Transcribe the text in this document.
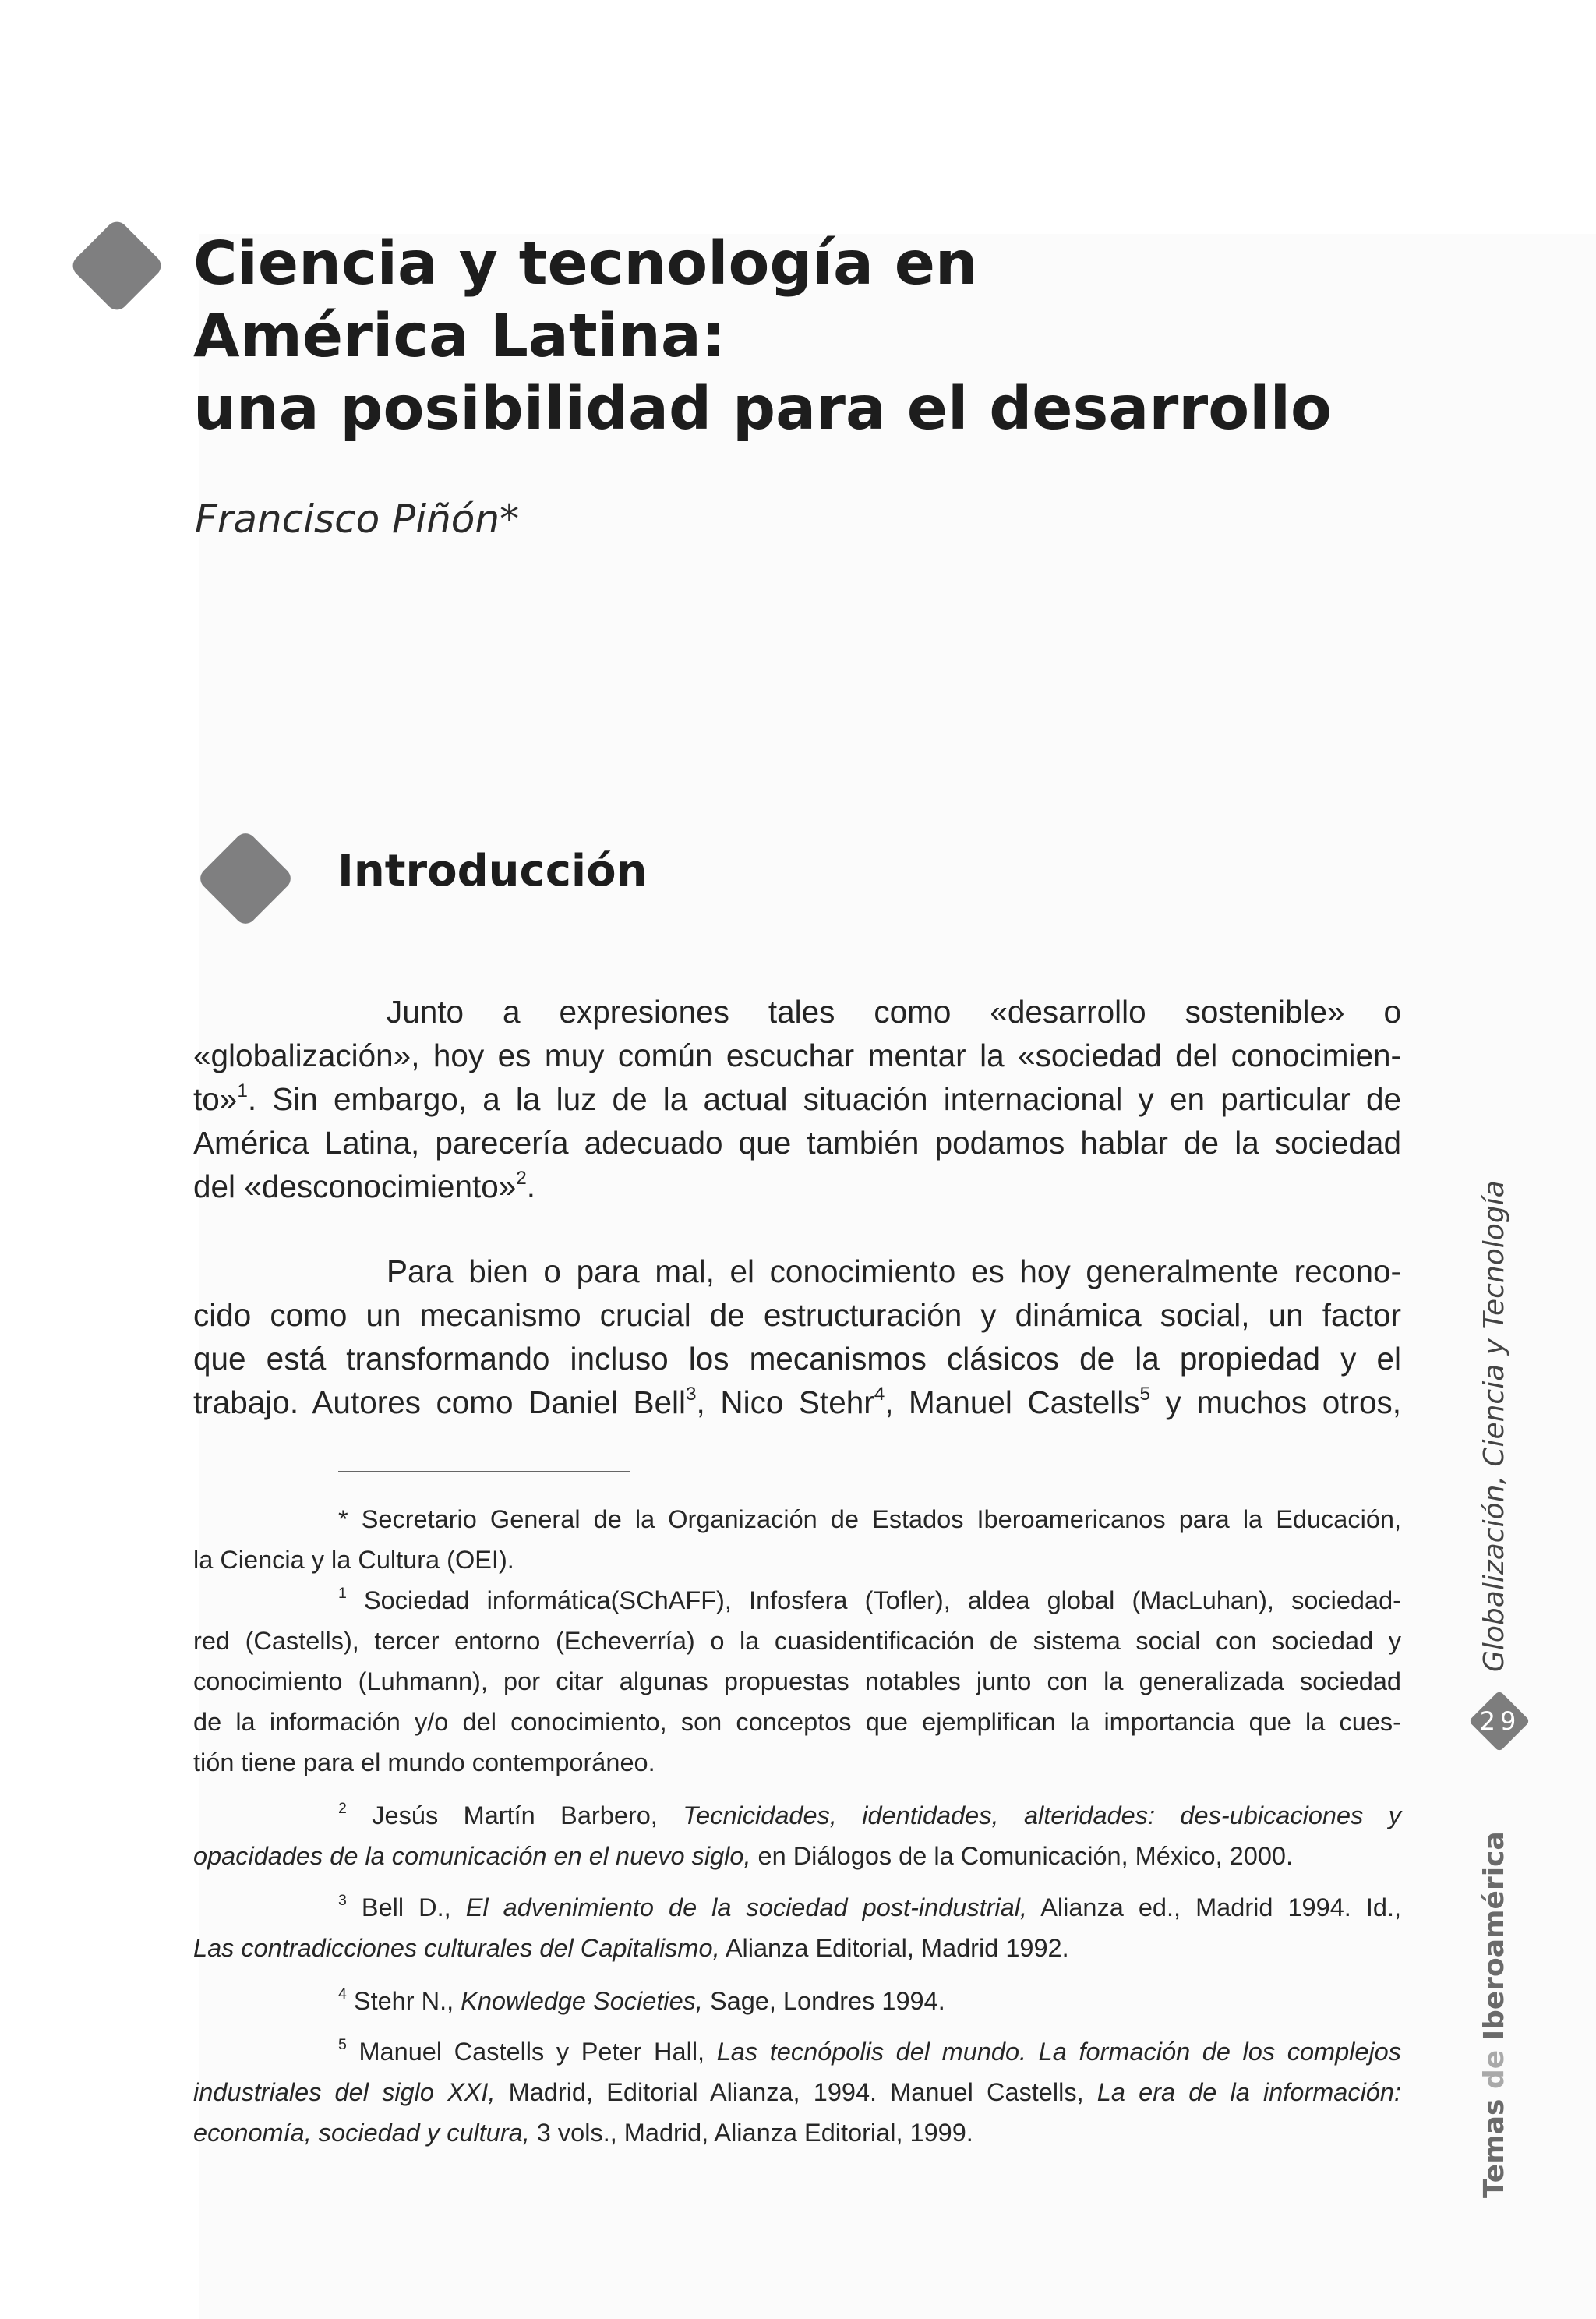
Ciencia y tecnología en
América Latina:
una posibilidad para el desarrollo
Francisco Piñón*
Introducción
Junto a expresiones tales como «desarrollo sostenible» o
«globalización», hoy es muy común escuchar mentar la «sociedad del conocimien-
to»$^1$. Sin embargo, a la luz de la actual situación internacional y en particular de
América Latina, parecería adecuado que también podamos hablar de la sociedad
del «desconocimiento»$^2$.
Para bien o para mal, el conocimiento es hoy generalmente recono-
cido como un mecanismo crucial de estructuración y dinámica social, un factor
que está transformando incluso los mecanismos clásicos de la propiedad y el
trabajo. Autores como Daniel Bell$^3$, Nico Stehr$^4$, Manuel Castells$^5$ y muchos otros,
* Secretario General de la Organización de Estados Iberoamericanos para la Educación,
la Ciencia y la Cultura (OEI).
$^1$ Sociedad informática(SChAFF), Infosfera (Tofler), aldea global (MacLuhan), sociedad-
red (Castells), tercer entorno (Echeverría) o la cuasidentificación de sistema social con sociedad y
conocimiento (Luhmann), por citar algunas propuestas notables junto con la generalizada sociedad
de la información y/o del conocimiento, son conceptos que ejemplifican la importancia que la cues-
tión tiene para el mundo contemporáneo.
$^2$ Jesús Martín Barbero, Tecnicidades, identidades, alteridades: des-ubicaciones y
opacidades de la comunicación en el nuevo siglo, en Diálogos de la Comunicación, México, 2000.
$^3$ Bell D., El advenimiento de la sociedad post-industrial, Alianza ed., Madrid 1994. Id.,
Las contradicciones culturales del Capitalismo, Alianza Editorial, Madrid 1992.
$^4$ Stehr N., Knowledge Societies, Sage, Londres 1994.
$^5$ Manuel Castells y Peter Hall, Las tecnópolis del mundo. La formación de los complejos
industriales del siglo XXI, Madrid, Editorial Alianza, 1994. Manuel Castells, La era de la información:
economía, sociedad y cultura, 3 vols., Madrid, Alianza Editorial, 1999.
Globalización, Ciencia y Tecnología
29
Temas de Iberoamérica
